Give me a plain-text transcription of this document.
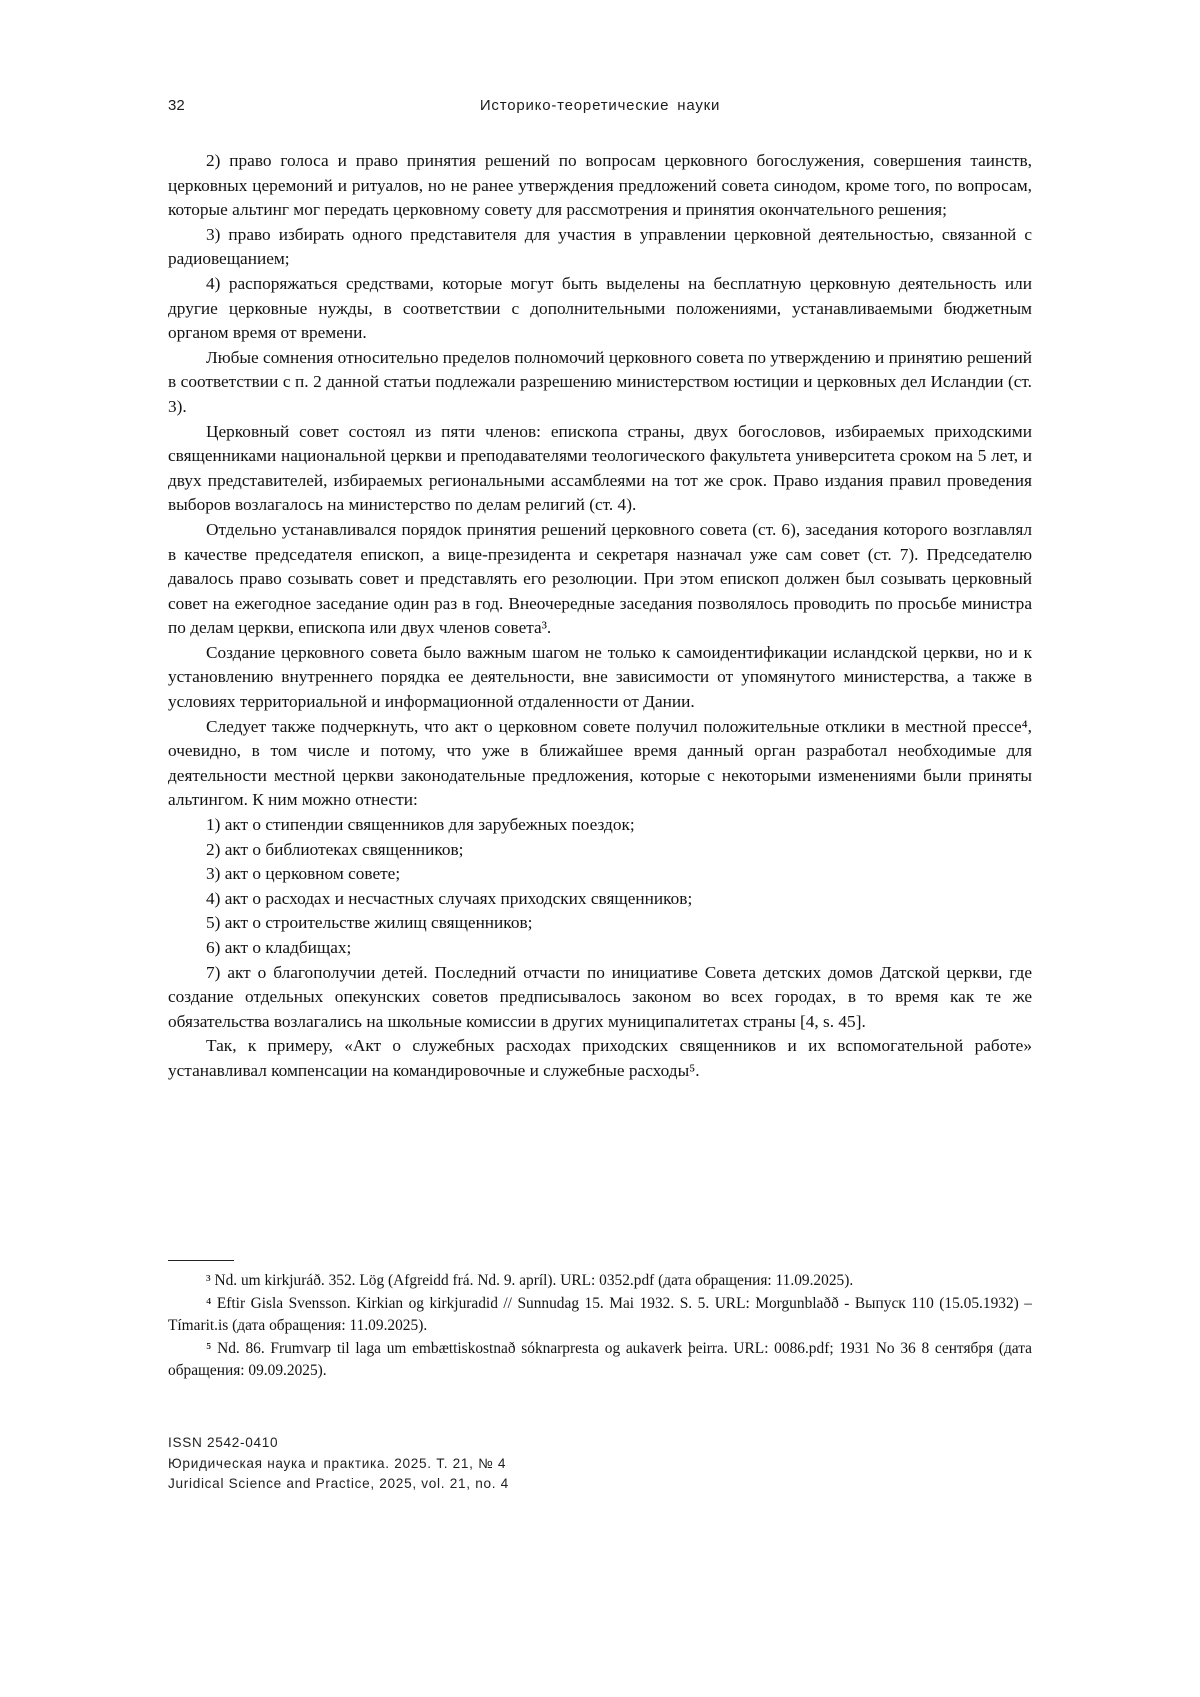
32	Историко-теоретические науки

2) право голоса и право принятия решений по вопросам церковного богослужения, совершения таинств, церковных церемоний и ритуалов, но не ранее утверждения предложений совета синодом, кроме того, по вопросам, которые альтинг мог передать церковному совету для рассмотрения и принятия окончательного решения;

3) право избирать одного представителя для участия в управлении церковной деятельностью, связанной с радиовещанием;

4) распоряжаться средствами, которые могут быть выделены на бесплатную церковную деятельность или другие церковные нужды, в соответствии с дополнительными положениями, устанавливаемыми бюджетным органом время от времени.

Любые сомнения относительно пределов полномочий церковного совета по утверждению и принятию решений в соответствии с п. 2 данной статьи подлежали разрешению министерством юстиции и церковных дел Исландии (ст. 3).

Церковный совет состоял из пяти членов: епископа страны, двух богословов, избираемых приходскими священниками национальной церкви и преподавателями теологического факультета университета сроком на 5 лет, и двух представителей, избираемых региональными ассамблеями на тот же срок. Право издания правил проведения выборов возлагалось на министерство по делам религий (ст. 4).

Отдельно устанавливался порядок принятия решений церковного совета (ст. 6), заседания которого возглавлял в качестве председателя епископ, а вице-президента и секретаря назначал уже сам совет (ст. 7). Председателю давалось право созывать совет и представлять его резолюции. При этом епископ должен был созывать церковный совет на ежегодное заседание один раз в год. Внеочередные заседания позволялось проводить по просьбе министра по делам церкви, епископа или двух членов совета³.

Создание церковного совета было важным шагом не только к самоидентификации исландской церкви, но и к установлению внутреннего порядка ее деятельности, вне зависимости от упомянутого министерства, а также в условиях территориальной и информационной отдаленности от Дании.

Следует также подчеркнуть, что акт о церковном совете получил положительные отклики в местной прессе⁴, очевидно, в том числе и потому, что уже в ближайшее время данный орган разработал необходимые для деятельности местной церкви законодательные предложения, которые с некоторыми изменениями были приняты альтингом. К ним можно отнести:

1) акт о стипендии священников для зарубежных поездок;

2) акт о библиотеках священников;

3) акт о церковном совете;

4) акт о расходах и несчастных случаях приходских священников;

5) акт о строительстве жилищ священников;

6) акт о кладбищах;

7) акт о благополучии детей. Последний отчасти по инициативе Совета детских домов Датской церкви, где создание отдельных опекунских советов предписывалось законом во всех городах, в то время как те же обязательства возлагались на школьные комиссии в других муниципалитетах страны [4, s. 45].

Так, к примеру, «Акт о служебных расходах приходских священников и их вспомогательной работе» устанавливал компенсации на командировочные и служебные расходы⁵.

³ Nd. um kirkjuráð. 352. Lög (Afgreidd frá. Nd. 9. apríl). URL: 0352.pdf (дата обращения: 11.09.2025).

⁴ Eftir Gisla Svensson. Kirkian og kirkjuradid // Sunnudag 15. Mai 1932. S. 5. URL: Morgunblaðð - Выпуск 110 (15.05.1932) – Tímarit.is (дата обращения: 11.09.2025).

⁵ Nd. 86. Frumvarp til laga um embættiskostnað sóknarpresta og aukaverk þeirra. URL: 0086.pdf; 1931 No 36 8 сентября (дата обращения: 09.09.2025).

ISSN 2542-0410
Юридическая наука и практика. 2025. Т. 21, № 4
Juridical Science and Practice, 2025, vol. 21, no. 4
